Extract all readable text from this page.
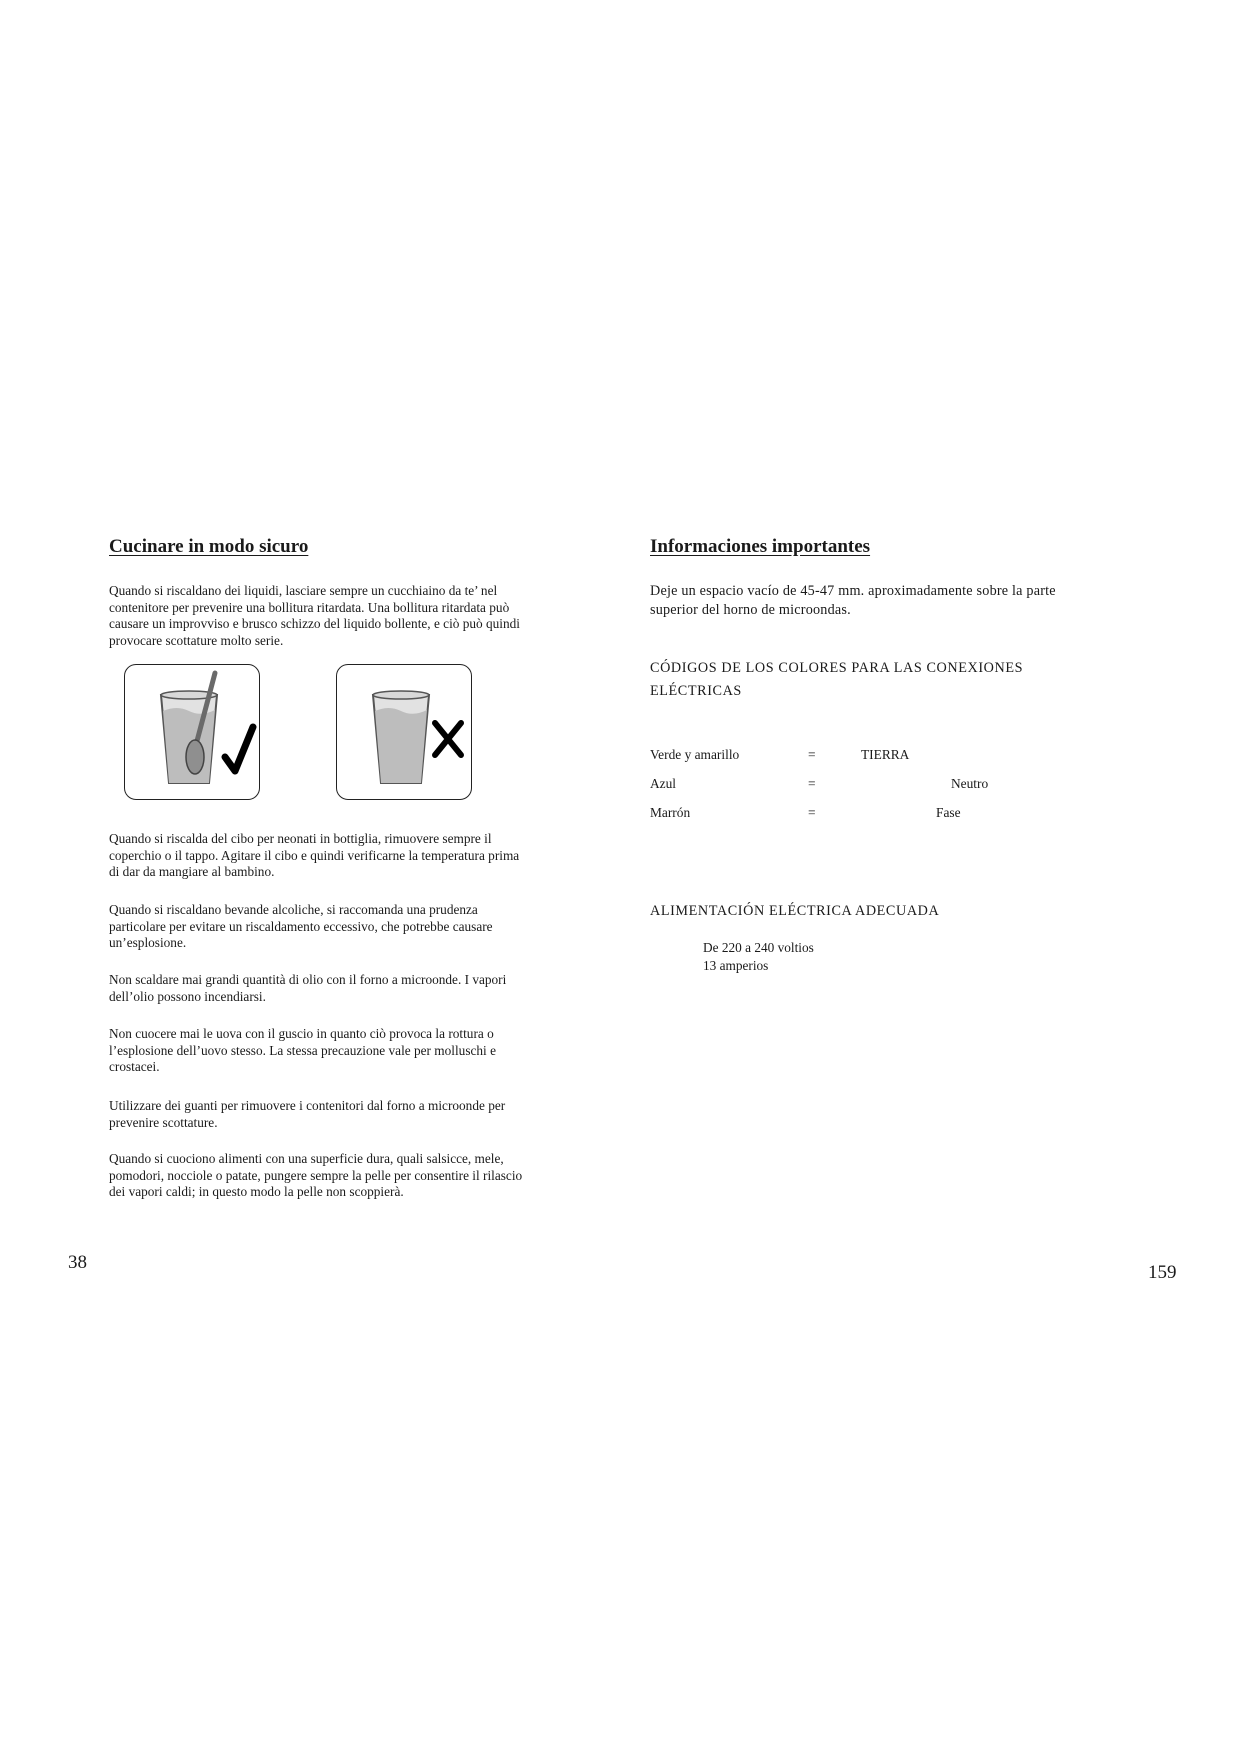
Cucinare in modo sicuro

Quando si riscaldano dei liquidi, lasciare sempre un cucchiaino da te’ nel contenitore per prevenire una bollitura ritardata. Una bollitura ritardata può causare un improvviso e brusco schizzo del liquido bollente, e ciò può quindi provocare scottature molto serie.

Quando si riscalda del cibo per neonati in bottiglia, rimuovere sempre il coperchio o il tappo. Agitare il cibo e quindi verificarne la temperatura prima di dar da mangiare al bambino.

Quando si riscaldano bevande alcoliche, si raccomanda una prudenza particolare per evitare un riscaldamento eccessivo, che potrebbe causare un’esplosione.

Non scaldare mai grandi quantità di olio con il forno a microonde. I vapori dell’olio possono incendiarsi.

Non cuocere mai le uova con il guscio in quanto ciò provoca la rottura o l’esplosione dell’uovo stesso. La stessa precauzione vale per molluschi e crostacei.

Utilizzare dei guanti per rimuovere i contenitori dal forno a microonde per prevenire scottature.

Quando si cuociono alimenti con una superficie dura, quali salsicce, mele, pomodori, nocciole o patate, pungere sempre la pelle per consentire il rilascio dei vapori caldi; in questo modo la pelle non scoppierà.

38
Informaciones importantes

Deje un espacio vacío de 45-47 mm. aproximadamente sobre la parte superior del horno de microondas.

CÓDIGOS DE LOS COLORES PARA LAS CONEXIONES ELÉCTRICAS

Verde y amarillo	=	TIERRA
Azul	=	Neutro
Marrón	=	Fase

ALIMENTACIÓN ELÉCTRICA ADECUADA

De 220 a 240 voltios
13 amperios
159
